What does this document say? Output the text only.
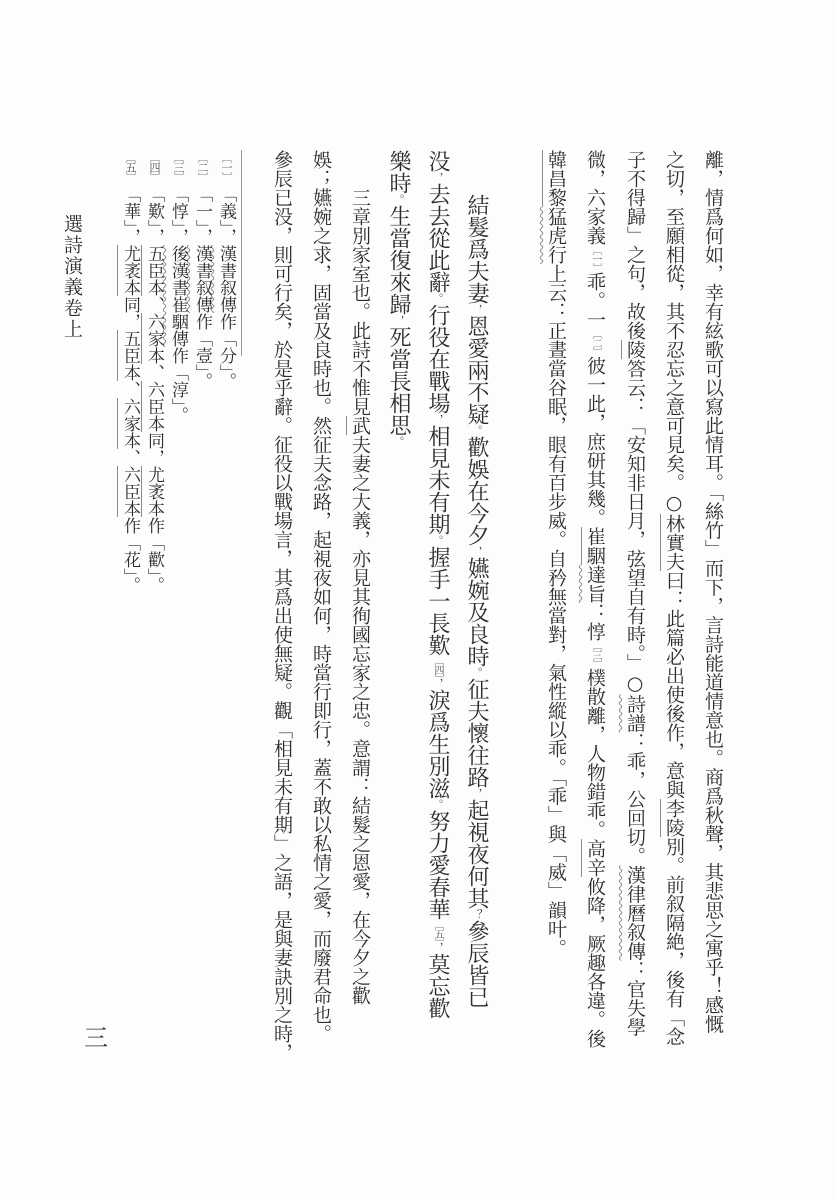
離，情爲何如，幸有絃歌可以寫此情耳。「絲竹」而下，言詩能道情意也。商爲秋聲，其悲思之寓乎！感慨
之切，至願相從，其不忍忘之意可見矣。○林實夫曰：此篇必出使後作，意與李陵別。前叙隔絶，後有「念
子不得歸」之句，故後陵答云：「安知非日月，弦望自有時。」○詩譜：乖，公回切。漢律曆叙傳：官失學
微，六家義〔一〕乖。一〔二〕彼一此，庶研其幾。崔駰達旨：惇〔三〕樸散離，人物錯乖。高辛攸降，厥趣各違。後
韓昌黎猛虎行上云：正晝當谷眠，眼有百步威。自矜無當對，氣性縱以乖。「乖」與「威」韻叶。
結髮爲夫妻，恩愛兩不疑。歡娛在今夕，嬿婉及良時。征夫懷往路，起視夜何其？參辰皆已
没，去去從此辭。行役在戰場，相見未有期。握手一長歎〔四〕，淚爲生別滋。努力愛春華〔五〕，莫忘歡
樂時。生當復來歸，死當長相思。
三章別家室也。此詩不惟見武夫妻之大義，亦見其徇國忘家之忠。意謂：結髮之恩愛，在今夕之歡
娛；嬿婉之求，固當及良時也。然征夫念路，起視夜如何，時當行即行，蓋不敢以私情之愛，而廢君命也。
參辰已没，則可行矣，於是乎辭。征役以戰場言，其爲出使無疑。觀「相見未有期」之語，是與妻訣別之時，
〔一〕「義」，漢書叙傳作「分」。
〔二〕「一」，漢書叙傳作「壹」。
〔三〕「惇」，後漢書崔駰傳作「淳」。
〔四〕「歎」，五臣本、六家本、六臣本同，尤袤本作「歡」。
〔五〕「華」，尤袤本同，五臣本、六家本、六臣本作「花」。
選詩演義卷上
三
